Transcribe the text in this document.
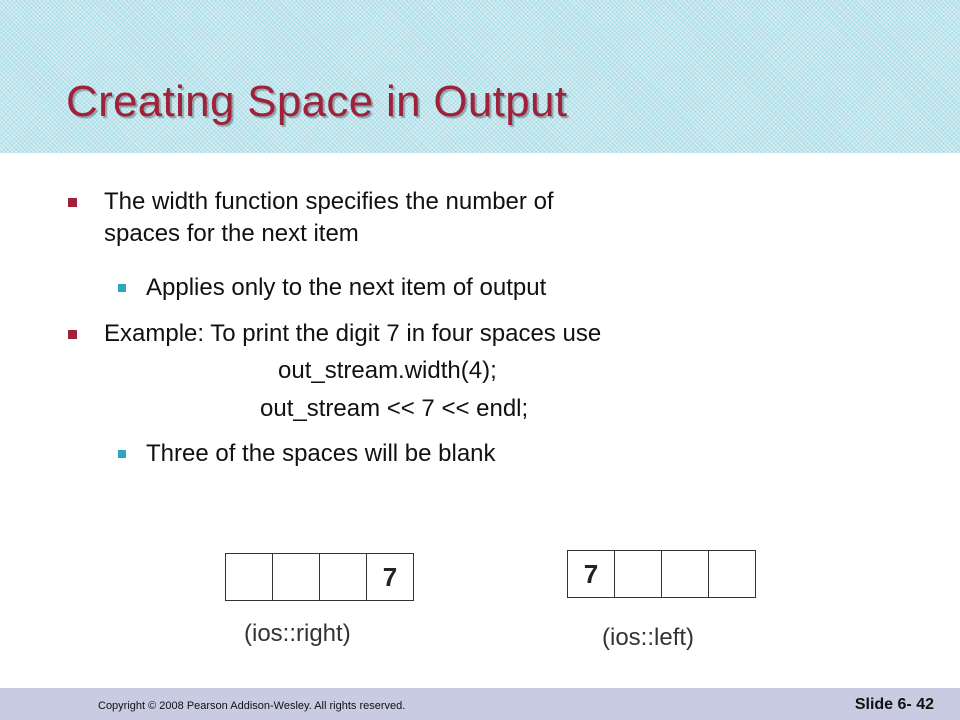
Creating Space in Output
The width function specifies the number of
spaces for the next item
Applies only to the next item of output
Example: To print the digit 7 in four spaces use
out_stream.width(4);
out_stream << 7 << endl;
Three of the spaces will be blank
7
(ios::right)
7
(ios::left)
Copyright © 2008 Pearson Addison-Wesley. All rights reserved.	Slide 6- 42
